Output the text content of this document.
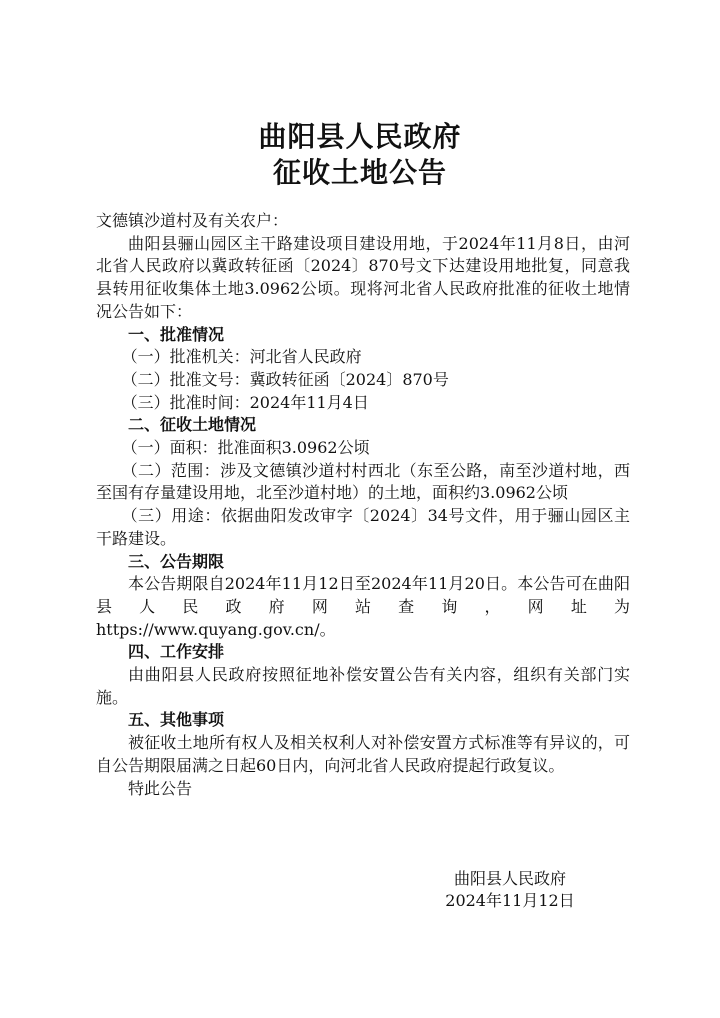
曲阳县人民政府
征收土地公告

文德镇沙道村及有关农户：

曲阳县骊山园区主干路建设项目建设用地，于2024年11月8日，由河北省人民政府以冀政转征函〔2024〕870号文下达建设用地批复，同意我县转用征收集体土地3.0962公顷。现将河北省人民政府批准的征收土地情况公告如下：

一、批准情况

（一）批准机关：河北省人民政府

（二）批准文号：冀政转征函〔2024〕870号

（三）批准时间：2024年11月4日

二、征收土地情况

（一）面积：批准面积3.0962公顷

（二）范围：涉及文德镇沙道村村西北（东至公路，南至沙道村地，西至国有存量建设用地，北至沙道村地）的土地，面积约3.0962公顷

（三）用途：依据曲阳发改审字〔2024〕34号文件，用于骊山园区主干路建设。

三、公告期限

本公告期限自2024年11月12日至2024年11月20日。本公告可在曲阳县人民政府网站查询，网址为

https://www.quyang.gov.cn/。

四、工作安排

由曲阳县人民政府按照征地补偿安置公告有关内容，组织有关部门实施。

五、其他事项

被征收土地所有权人及相关权利人对补偿安置方式标准等有异议的，可自公告期限届满之日起60日内，向河北省人民政府提起行政复议。

特此公告

曲阳县人民政府
2024年11月12日
